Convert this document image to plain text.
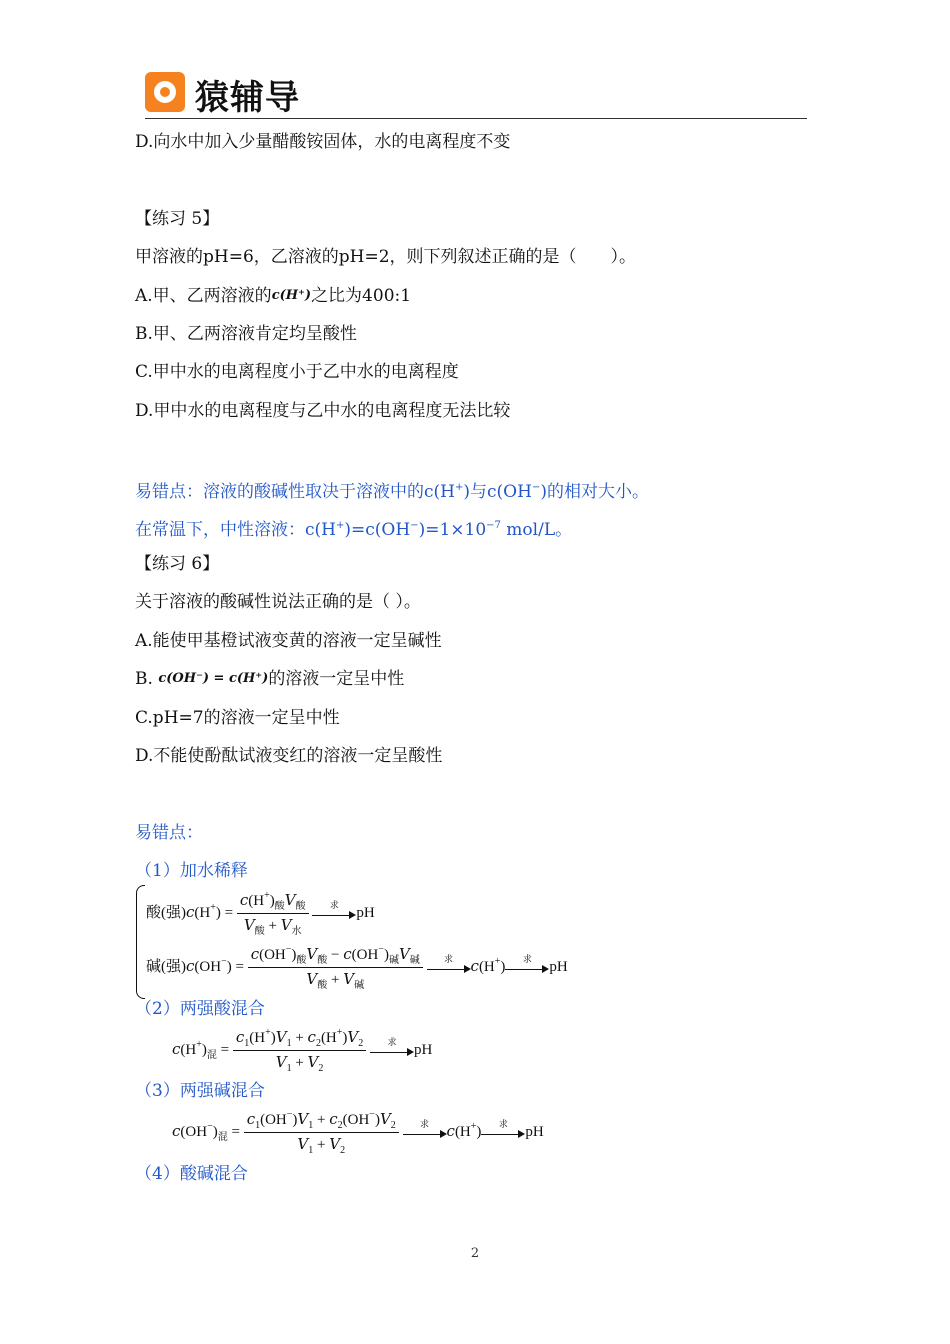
猿辅导
D.向水中加入少量醋酸铵固体，水的电离程度不变
【练习 5】
甲溶液的pH=6，乙溶液的pH=2，则下列叙述正确的是（　　）。
A.甲、乙两溶液的c(H⁺)之比为400:1
B.甲、乙两溶液肯定均呈酸性
C.甲中水的电离程度小于乙中水的电离程度
D.甲中水的电离程度与乙中水的电离程度无法比较
易错点：溶液的酸碱性取决于溶液中的c(H+)与c(OH−)的相对大小。
在常温下，中性溶液：$c(H^+)=c(OH^-)=1\times 10^{-7}$ mol/L。
【练习 6】
关于溶液的酸碱性说法正确的是（ ）。
A.能使甲基橙试液变黄的溶液一定呈碱性
B. c(OH⁻) = c(H⁺)的溶液一定呈中性
C.pH=7的溶液一定呈中性
D.不能使酚酞试液变红的溶液一定呈酸性
易错点：
（1）加水稀释
酸(强)$c(H^+) = \frac{c(H^+)_酸V_酸}{V_酸 + V_水}$
	求
pH
碱(强)$c(OH^-) = \frac{c(OH^-)_酸V_酸 - c(OH^-)_碱V_碱}{V_酸 + V_碱}$
	求	c(H+)
求
pH
（2）两强酸混合
$c(H^+)_混 = \frac{c_1(H^+)V_1 + c_2(H^+)V_2}{V_1 + V_2}$
	求
pH
（3）两强碱混合
$c(OH^-)_混 = \frac{c_1(OH^-)V_1 + c_2(OH^-)V_2}{V_1 + V_2}$
	求	c(H+)
求
pH
（4）酸碱混合
2
